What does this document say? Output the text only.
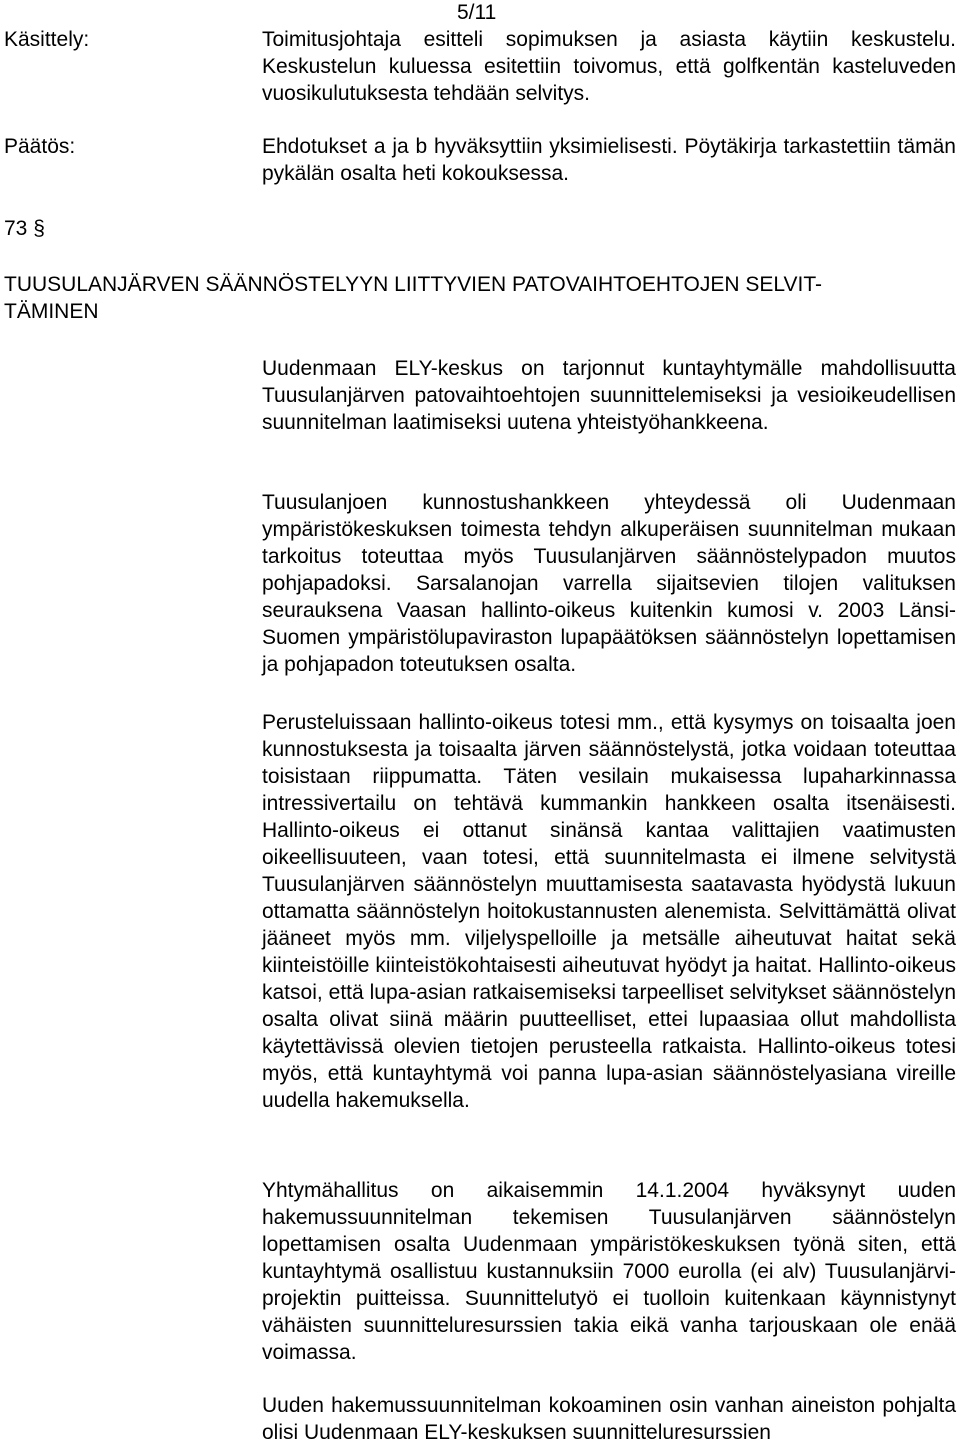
5/11
Käsittely:	Toimitusjohtaja esitteli sopimuksen ja asiasta käytiin keskustelu. Keskustelun kuluessa esitettiin toivomus, että golfkentän kasteluveden vuosikulutuksesta tehdään selvitys.

Päätös:	Ehdotukset a ja b hyväksyttiin yksimielisesti. Pöytäkirja tarkastettiin tämän pykälän osalta heti kokouksessa.

73 §
TUUSULANJÄRVEN SÄÄNNÖSTELYYN LIITTYVIEN PATOVAIHTOEHTOJEN SELVIT-
TÄMINEN

Uudenmaan ELY-keskus on tarjonnut kuntayhtymälle mahdollisuutta Tuusulanjärven patovaihtoehtojen suunnittelemiseksi ja vesioikeudellisen suunnitelman laatimiseksi uutena yhteistyöhankkeena.

Tuusulanjoen kunnostushankkeen yhteydessä oli Uudenmaan ympäristökeskuksen toimesta tehdyn alkuperäisen suunnitelman mukaan tarkoitus toteuttaa myös Tuusulanjärven säännöstelypadon muutos pohjapadoksi. Sarsalanojan varrella sijaitsevien tilojen valituksen seurauksena Vaasan hallinto-oikeus kuitenkin kumosi v. 2003 Länsi-Suomen ympäristölupaviraston lupapäätöksen säännöstelyn lopettamisen ja pohjapadon toteutuksen osalta.

Perusteluissaan hallinto-oikeus totesi mm., että kysymys on toisaalta joen kunnostuksesta ja toisaalta järven säännöstelystä, jotka voidaan toteuttaa toisistaan riippumatta. Täten vesilain mukaisessa lupaharkinnassa intressivertailu on tehtävä kummankin hankkeen osalta itsenäisesti. Hallinto-oikeus ei ottanut sinänsä kantaa valittajien vaatimusten oikeellisuuteen, vaan totesi, että suunnitelmasta ei ilmene selvitystä Tuusulanjärven säännöstelyn muuttamisesta saatavasta hyödystä lukuun ottamatta säännöstelyn hoitokustannusten alenemista. Selvittämättä olivat jääneet myös mm. viljelyspelloille ja metsälle aiheutuvat haitat sekä kiinteistöille kiinteistökohtaisesti aiheutuvat hyödyt ja haitat. Hallinto-oikeus katsoi, että lupa-asian ratkaisemiseksi tarpeelliset selvitykset säännöstelyn osalta olivat siinä määrin puutteelliset, ettei lupaasiaa ollut mahdollista käytettävissä olevien tietojen perusteella ratkaista. Hallinto-oikeus totesi myös, että kuntayhtymä voi panna lupa-asian säännöstelyasiana vireille uudella hakemuksella.

Yhtymähallitus on aikaisemmin 14.1.2004 hyväksynyt uuden hakemussuunnitelman tekemisen Tuusulanjärven säännöstelyn lopettamisen osalta Uudenmaan ympäristökeskuksen työnä siten, että kuntayhtymä osallistuu kustannuksiin 7000 eurolla (ei alv) Tuusulanjärvi-projektin puitteissa. Suunnittelutyö ei tuolloin kuitenkaan käynnistynyt vähäisten suunnitteluresurssien takia eikä vanha tarjouskaan ole enää voimassa.

Uuden hakemussuunnitelman kokoaminen osin vanhan aineiston pohjalta olisi Uudenmaan ELY-keskuksen suunnitteluresurssien
